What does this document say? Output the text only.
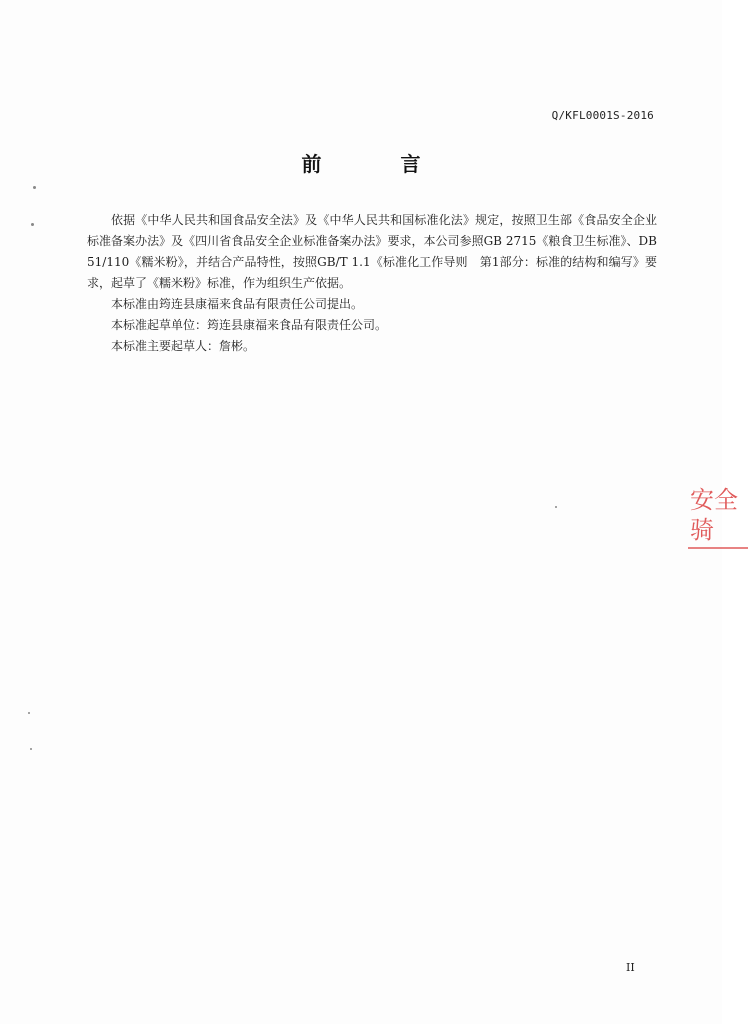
Q/KFL0001S-2016
前 言

依据《中华人民共和国食品安全法》及《中华人民共和国标准化法》规定，按照卫生部《食品安全企业标准备案办法》及《四川省食品安全企业标准备案办法》要求，本公司参照GB 2715《粮食卫生标准》、DB 51/110《糯米粉》，并结合产品特性，按照GB/T 1.1《标准化工作导则　第1部分：标准的结构和编写》要求，起草了《糯米粉》标准，作为组织生产依据。

本标准由筠连县康福来食品有限责任公司提出。

本标准起草单位：筠连县康福来食品有限责任公司。

本标准主要起草人：詹彬。

安 全
骑
II
